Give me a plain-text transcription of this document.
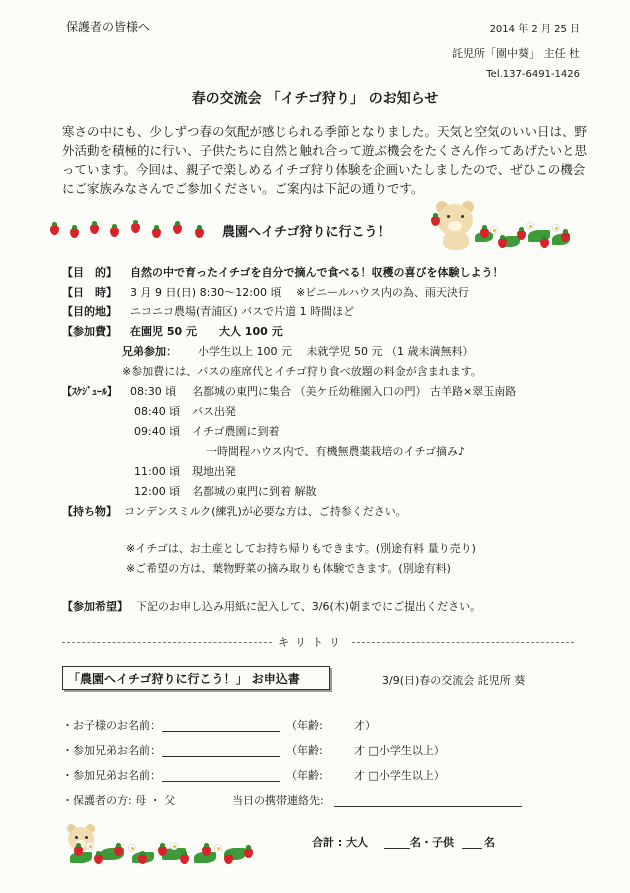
保護者の皆様へ	2014 年 2 月 25 日
託児所「園中葵」 主任 杜
Tel.137-6491-1426
春の交流会 「イチゴ狩り」 のお知らせ
寒さの中にも、少しずつ春の気配が感じられる季節となりました。天気と空気のいい日は、野外活動を積極的に行い、子供たちに自然と触れ合って遊ぶ機会をたくさん作ってあげたいと思っています。今回は、親子で楽しめるイチゴ狩り体験を企画いたしましたので、ぜひこの機会にご家族みなさんでご参加ください。ご案内は下記の通りです。
農園へイチゴ狩りに行こう！
【目　的】 自然の中で育ったイチゴを自分で摘んで食べる！収穫の喜びを体験しよう！
【日　時】 3 月 9 日(日) 8:30～12:00 頃　 ※ビニールハウス内の為、雨天決行
【目的地】 ニコニコ農場(青浦区) バスで片道 1 時間ほど
【参加費】 在園児 50 元　　大人 100 元
兄弟参加： 小学生以上 100 元　 未就学児 50 元 （1 歳未満無料）
※参加費には、バスの座席代とイチゴ狩り食べ放題の料金が含まれます。
【ｽｹｼﾞｭｰﾙ】 08:30 頃 名都城の東門に集合 （美ケ丘幼稚園入口の門） 古羊路×翠玉南路
08:40 頃 バス出発
09:40 頃 イチゴ農園に到着
一時間程ハウス内で、有機無農薬栽培のイチゴ摘み♪
11:00 頃 現地出発
12:00 頃 名都城の東門に到着 解散
【持ち物】 コンデンスミルク(練乳)が必要な方は、ご持参ください。
※イチゴは、お土産としてお持ち帰りもできます。(別途有料 量り売り)
※ご希望の方は、葉物野菜の摘み取りも体験できます。(別途有料)
【参加希望】 下記のお申し込み用紙に記入して、3/6(木)朝までにご提出ください。
キリトリ
「農園へイチゴ狩りに行こう！」 お申込書	3/9(日)春の交流会 託児所 葵
・お子様のお名前：	（年齢:	才）
・参加兄弟お名前：	（年齢:	才 □小学生以上）
・参加兄弟お名前：	（年齢:	才 □小学生以上）
・保護者の方: 母 ・ 父	当日の携帯連絡先:
合計 : 大人	名・子供	名
